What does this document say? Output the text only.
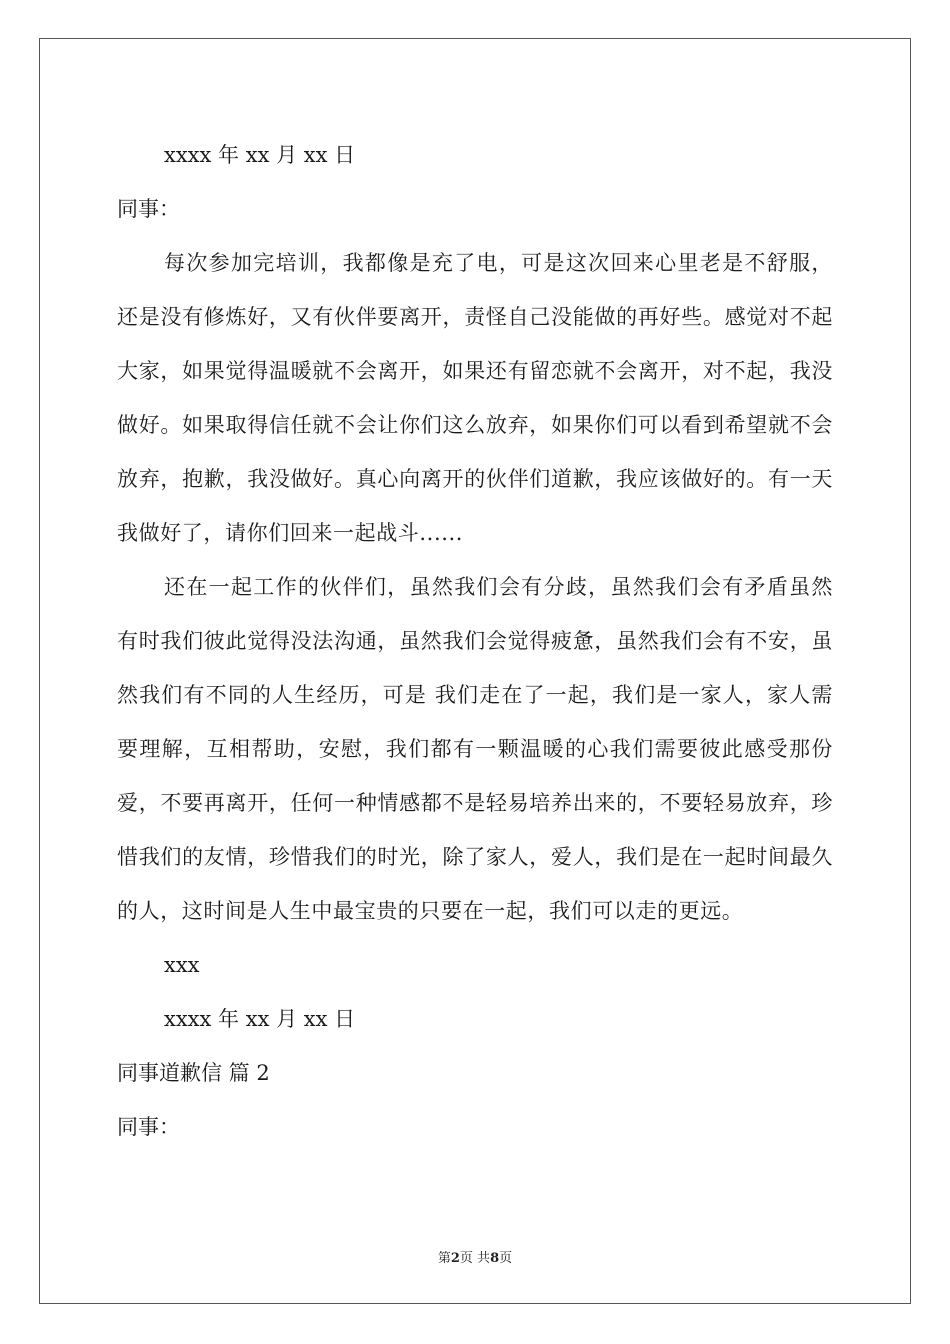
xxxx 年 xx 月 xx 日

同事：

每次参加完培训，我都像是充了电，可是这次回来心里老是不舒服，还是没有修炼好，又有伙伴要离开，责怪自己没能做的再好些。感觉对不起大家，如果觉得温暖就不会离开，如果还有留恋就不会离开，对不起，我没做好。如果取得信任就不会让你们这么放弃，如果你们可以看到希望就不会放弃，抱歉，我没做好。真心向离开的伙伴们道歉，我应该做好的。有一天我做好了，请你们回来一起战斗......

还在一起工作的伙伴们，虽然我们会有分歧，虽然我们会有矛盾虽然有时我们彼此觉得没法沟通，虽然我们会觉得疲惫，虽然我们会有不安，虽然我们有不同的人生经历，可是 我们走在了一起，我们是一家人，家人需要理解，互相帮助，安慰，我们都有一颗温暖的心我们需要彼此感受那份爱，不要再离开，任何一种情感都不是轻易培养出来的，不要轻易放弃，珍惜我们的友情，珍惜我们的时光，除了家人，爱人，我们是在一起时间最久的人，这时间是人生中最宝贵的只要在一起，我们可以走的更远。

xxx

xxxx 年 xx 月 xx 日

同事道歉信 篇 2

同事：

第2页 共8页
